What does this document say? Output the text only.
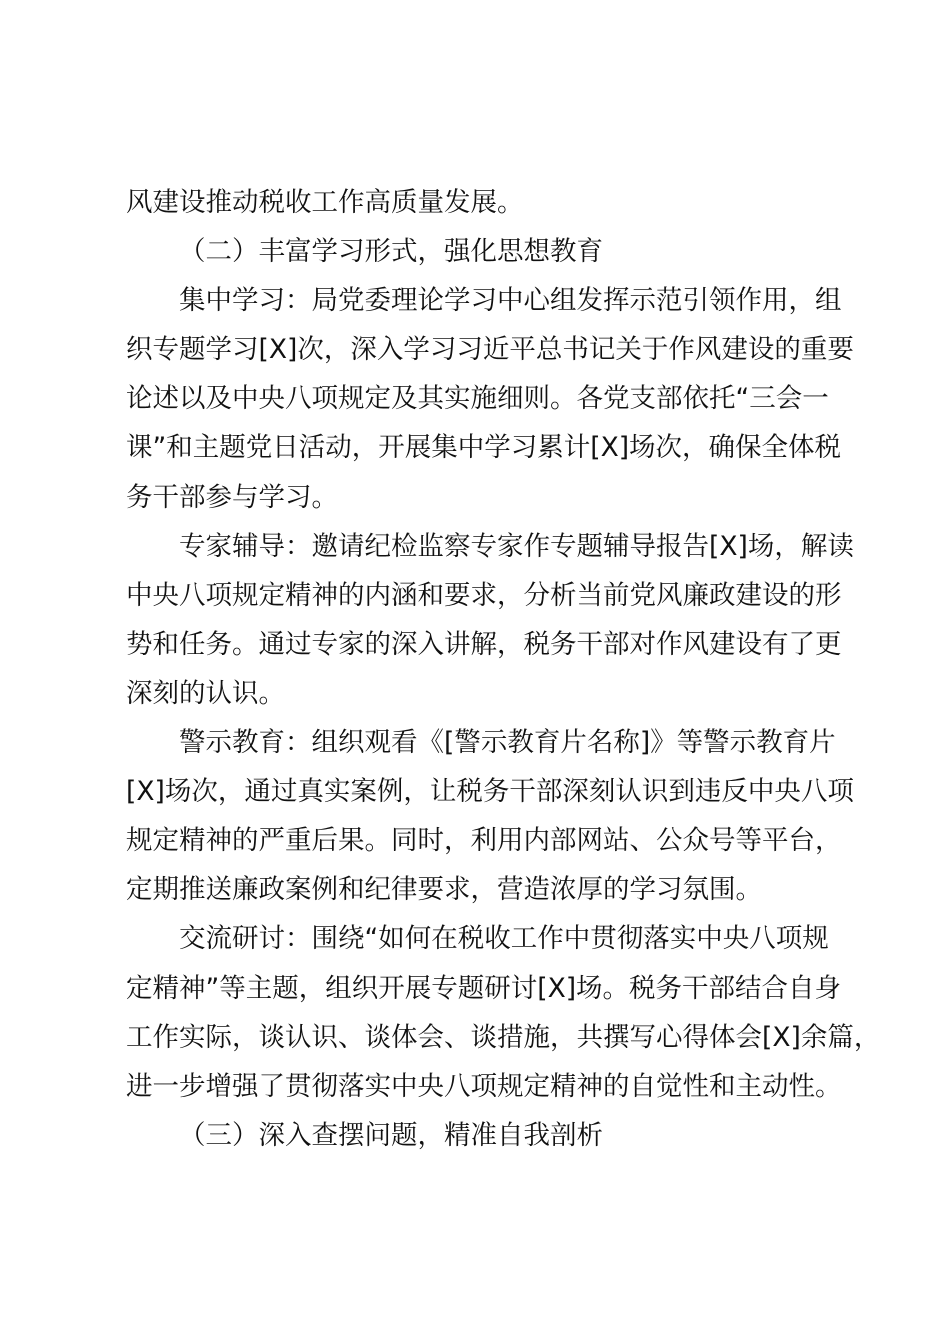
风建设推动税收工作高质量发展。
（二）丰富学习形式，强化思想教育
集中学习：局党委理论学习中心组发挥示范引领作用，组
织专题学习[X]次，深入学习习近平总书记关于作风建设的重要
论述以及中央八项规定及其实施细则。各党支部依托“三会一
课”和主题党日活动，开展集中学习累计[X]场次，确保全体税
务干部参与学习。
专家辅导：邀请纪检监察专家作专题辅导报告[X]场，解读
中央八项规定精神的内涵和要求，分析当前党风廉政建设的形
势和任务。通过专家的深入讲解，税务干部对作风建设有了更
深刻的认识。
警示教育：组织观看《[警示教育片名称]》等警示教育片
[X]场次，通过真实案例，让税务干部深刻认识到违反中央八项
规定精神的严重后果。同时，利用内部网站、公众号等平台，
定期推送廉政案例和纪律要求，营造浓厚的学习氛围。
交流研讨：围绕“如何在税收工作中贯彻落实中央八项规
定精神”等主题，组织开展专题研讨[X]场。税务干部结合自身
工作实际，谈认识、谈体会、谈措施，共撰写心得体会[X]余篇，
进一步增强了贯彻落实中央八项规定精神的自觉性和主动性。
（三）深入查摆问题，精准自我剖析
